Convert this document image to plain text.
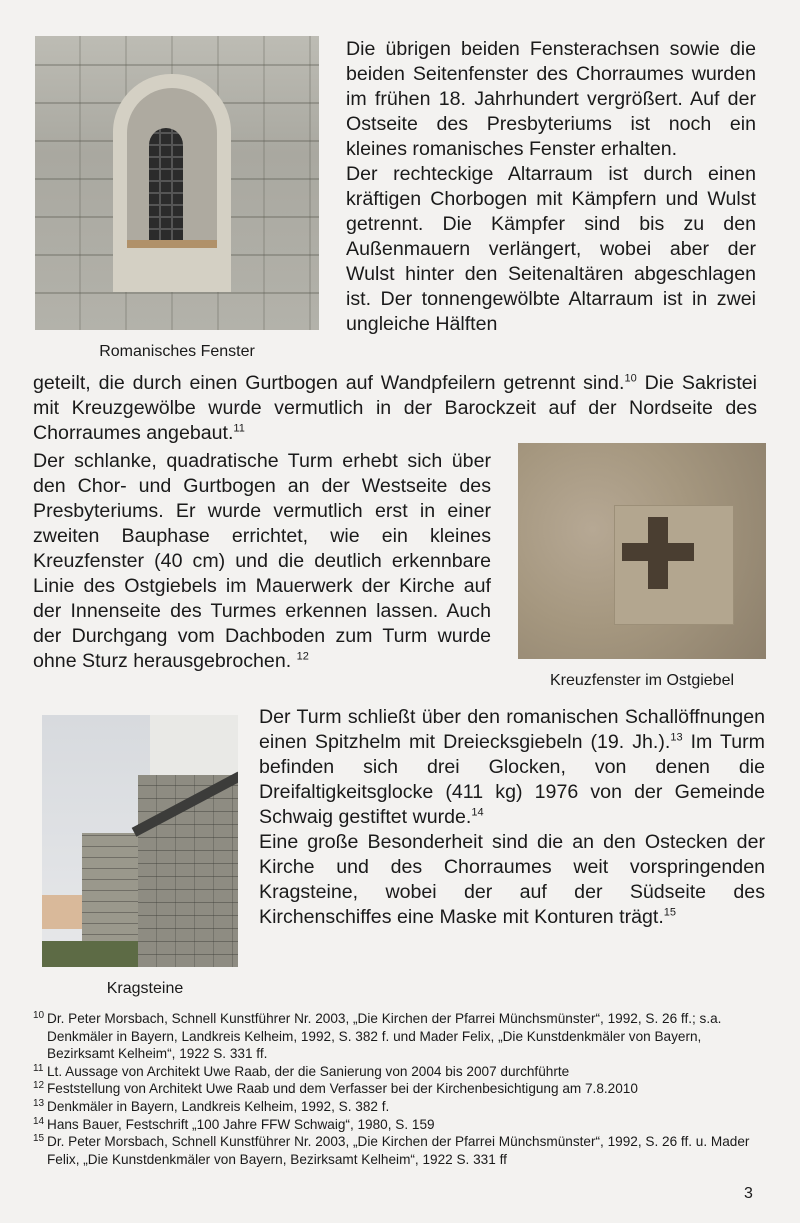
Romanisches Fenster

Die übrigen beiden Fensterachsen sowie die beiden Seitenfenster des Chorraumes wurden im frühen 18. Jahrhundert vergrößert. Auf der Ostseite des Presbyteriums ist noch ein kleines romanisches Fenster erhalten.

Der rechteckige Altarraum ist durch einen kräftigen Chorbogen mit Kämpfern und Wulst getrennt. Die Kämpfer sind bis zu den Außenmauern verlängert, wobei aber der Wulst hinter den Seitenaltären abgeschlagen ist. Der tonnengewölbte Altarraum ist in zwei ungleiche Hälften

geteilt, die durch einen Gurtbogen auf Wandpfeilern getrennt sind.$^{10}$ Die Sakristei mit Kreuzgewölbe wurde vermutlich in der Barockzeit auf der Nordseite des Chorraumes angebaut.$^{11}$

Der schlanke, quadratische Turm erhebt sich über den Chor- und Gurtbogen an der Westseite des Presbyteriums. Er wurde vermutlich erst in einer zweiten Bauphase errichtet, wie ein kleines Kreuzfenster (40 cm) und die deutlich erkennbare Linie des Ostgiebels im Mauerwerk der Kirche auf der Innenseite des Turmes erkennen lassen. Auch der Durchgang vom Dachboden zum Turm wurde ohne Sturz herausgebrochen. $^{12}$

Kreuzfenster im Ostgiebel
Kragsteine

Der Turm schließt über den romanischen Schallöffnungen einen Spitzhelm mit Dreiecksgiebeln (19. Jh.).$^{13}$ Im Turm befinden sich drei Glocken, von denen die Dreifaltigkeitsglocke (411 kg) 1976 von der Gemeinde Schwaig gestiftet wurde.$^{14}$

Eine große Besonderheit sind die an den Ostecken der Kirche und des Chorraumes weit vorspringenden Kragsteine, wobei der auf der Südseite des Kirchenschiffes eine Maske mit Konturen trägt.$^{15}$

10 Dr. Peter Morsbach, Schnell Kunstführer Nr. 2003, „Die Kirchen der Pfarrei Münchsmünster“, 1992, S. 26 ff.; s.a. Denkmäler in Bayern, Landkreis Kelheim, 1992, S. 382 f. und Mader Felix, „Die Kunstdenkmäler von Bayern, Bezirksamt Kelheim“, 1922 S. 331 ff.
11 Lt. Aussage von Architekt Uwe Raab, der die Sanierung von 2004 bis 2007 durchführte
12 Feststellung von Architekt Uwe Raab und dem Verfasser bei der Kirchenbesichtigung am 7.8.2010
13 Denkmäler in Bayern, Landkreis Kelheim, 1992, S. 382 f.
14 Hans Bauer, Festschrift „100 Jahre FFW Schwaig“, 1980, S. 159
15 Dr. Peter Morsbach, Schnell Kunstführer Nr. 2003, „Die Kirchen der Pfarrei Münchsmünster“, 1992, S. 26 ff. u. Mader Felix, „Die Kunstdenkmäler von Bayern, Bezirksamt Kelheim“, 1922 S. 331 ff
3
